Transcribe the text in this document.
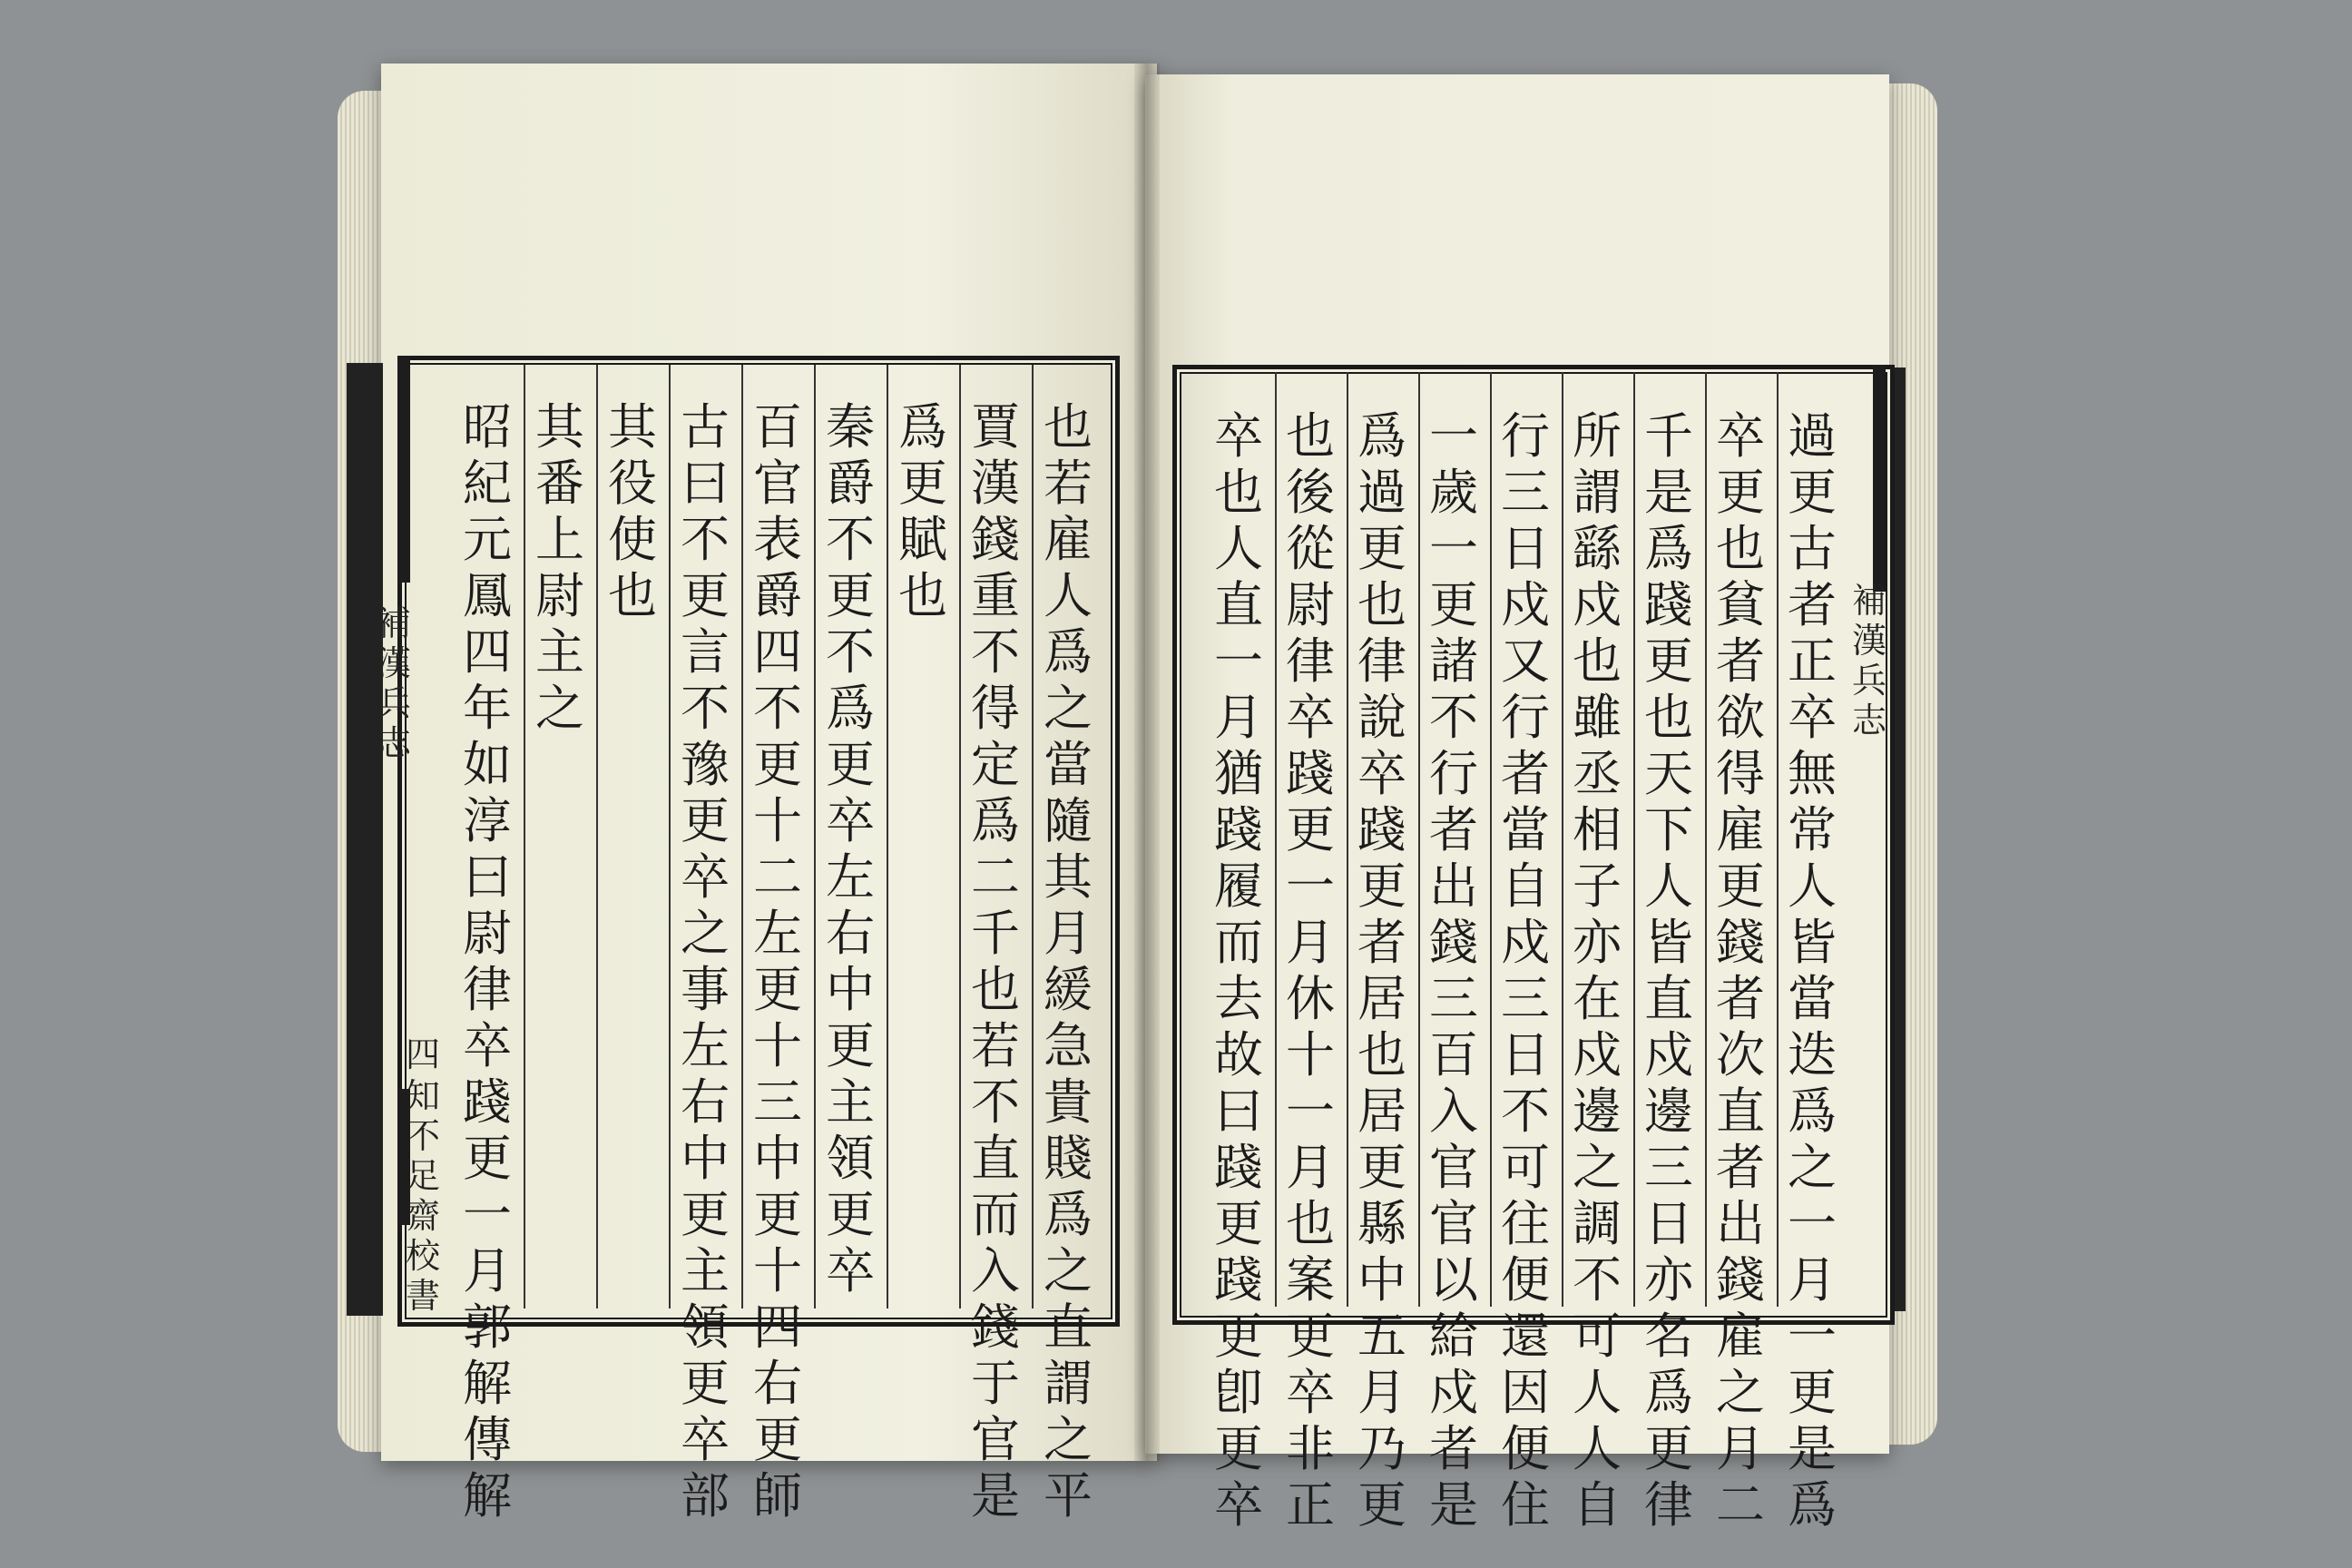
也
若
雇
人
爲
之
當
隨
其
月
緩
急
貴
賤
爲
之
直
謂
之
平
賈
漢
錢
重
不
得
定
爲
二
千
也
若
不
直
而
入
錢
于
官
是
爲
更
賦
也
秦
爵
不
更
不
爲
更
卒
左
右
中
更
主
領
更
卒
百
官
表
爵
四
不
更
十
二
左
更
十
三
中
更
十
四
右
更
師
古
曰
不
更
言
不
豫
更
卒
之
事
左
右
中
更
主
領
更
卒
部
其
役
使
也
其
番
上
尉
主
之
昭
紀
元
鳳
四
年
如
淳
曰
尉
律
卒
踐
更
一
月
郭
解
傳
解
過
更
古
者
正
卒
無
常
人
皆
當
迭
爲
之
一
月
一
更
是
爲
卒
更
也
貧
者
欲
得
雇
更
錢
者
次
直
者
出
錢
雇
之
月
二
千
是
爲
踐
更
也
天
下
人
皆
直
戍
邊
三
日
亦
名
爲
更
律
所
謂
繇
戍
也
雖
丞
相
子
亦
在
戍
邊
之
調
不
可
人
人
自
行
三
日
戍
又
行
者
當
自
戍
三
日
不
可
往
便
還
因
便
住
一
歲
一
更
諸
不
行
者
出
錢
三
百
入
官
官
以
給
戍
者
是
爲
過
更
也
律
說
卒
踐
更
者
居
也
居
更
縣
中
五
月
乃
更
也
後
從
尉
律
卒
踐
更
一
月
休
十
一
月
也
案
更
卒
非
正
卒
也
人
直
一
月
猶
踐
履
而
去
故
曰
踐
更
踐
更
卽
更
卒
補
漢
兵
志
四
知
不
足
齋
校
書
補
漢
兵
志
